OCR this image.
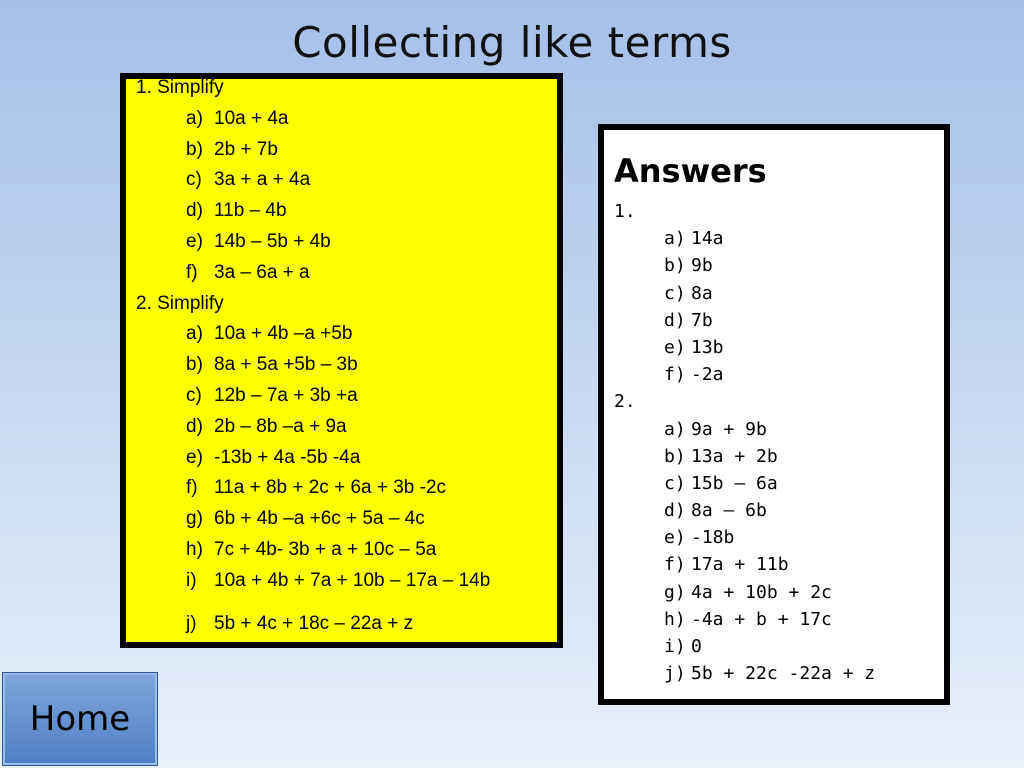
Collecting like terms
1. Simplify
a) 10a + 4a
b) 2b + 7b
c) 3a + a + 4a
d) 11b – 4b
e) 14b – 5b + 4b
f) 3a – 6a + a
2. Simplify
a) 10a + 4b –a +5b
b) 8a + 5a +5b – 3b
c) 12b – 7a + 3b +a
d) 2b – 8b –a + 9a
e) -13b + 4a -5b -4a
f) 11a + 8b + 2c + 6a + 3b -2c
g) 6b + 4b –a +6c + 5a – 4c
h) 7c + 4b- 3b + a + 10c – 5a
i) 10a + 4b + 7a + 10b – 17a – 14b
j) 5b + 4c + 18c – 22a + z
Answers
1.
a) 14a
b) 9b
c) 8a
d) 7b
e) 13b
f) -2a
2.
a) 9a + 9b
b) 13a + 2b
c) 15b – 6a
d) 8a – 6b
e) -18b
f) 17a + 11b
g) 4a + 10b + 2c
h) -4a + b + 17c
i) 0
j) 5b + 22c -22a + z
Home
